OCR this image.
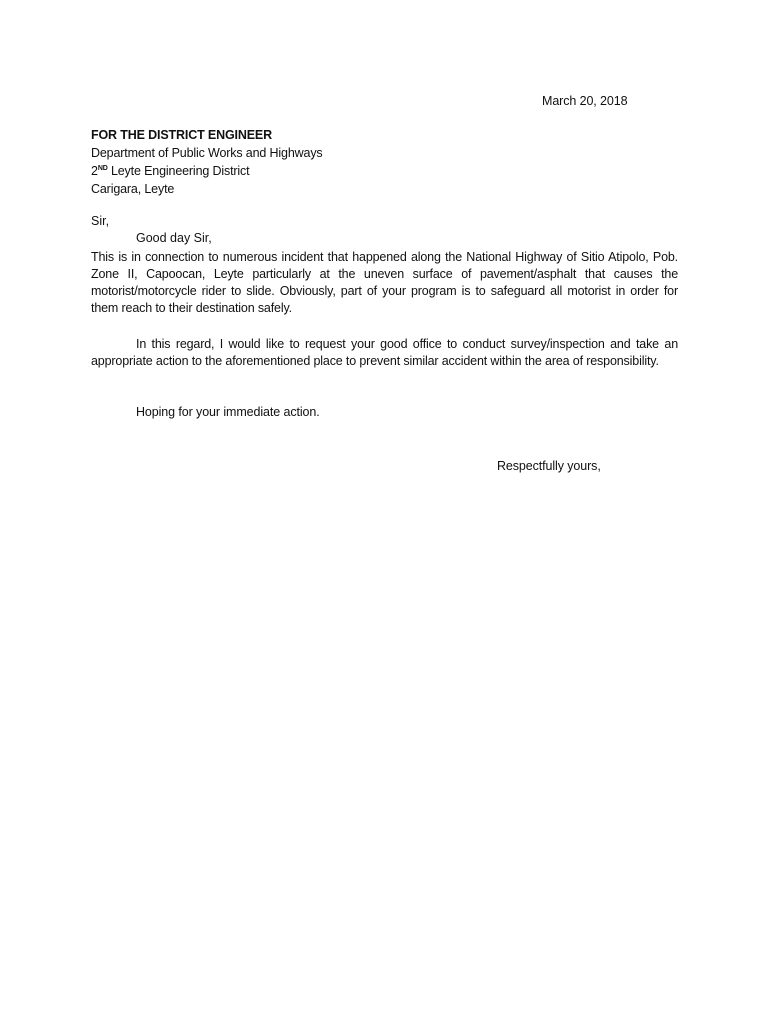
March 20, 2018
FOR THE DISTRICT ENGINEER
Department of Public Works and Highways
2ND Leyte Engineering District
Carigara, Leyte
Sir,
Good day Sir,
This is in connection to numerous incident that happened along the National Highway of Sitio Atipolo, Pob. Zone II, Capoocan, Leyte particularly at the uneven surface of pavement/asphalt that causes the motorist/motorcycle rider to slide. Obviously, part of your program is to safeguard all motorist in order for them reach to their destination safely.
In this regard, I would like to request your good office to conduct survey/inspection and take an appropriate action to the aforementioned place to prevent similar accident within the area of responsibility.
Hoping for your immediate action.
Respectfully yours,
